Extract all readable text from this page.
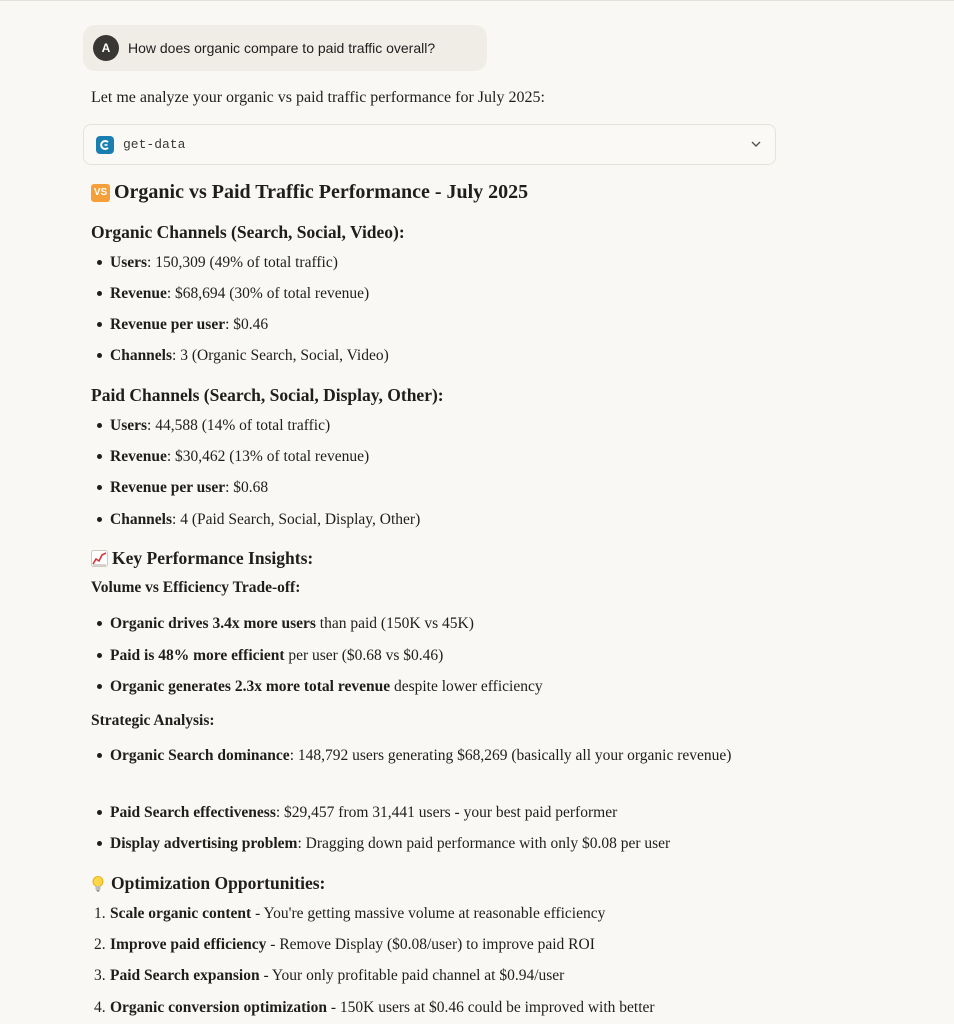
A	How does organic compare to paid traffic overall?
Let me analyze your organic vs paid traffic performance for July 2025:
get-data
VS Organic vs Paid Traffic Performance - July 2025
Organic Channels (Search, Social, Video):
Users: 150,309 (49% of total traffic)
Revenue: $68,694 (30% of total revenue)
Revenue per user: $0.46
Channels: 3 (Organic Search, Social, Video)
Paid Channels (Search, Social, Display, Other):
Users: 44,588 (14% of total traffic)
Revenue: $30,462 (13% of total revenue)
Revenue per user: $0.68
Channels: 4 (Paid Search, Social, Display, Other)
Key Performance Insights:
Volume vs Efficiency Trade-off:
Organic drives 3.4x more users than paid (150K vs 45K)
Paid is 48% more efficient per user ($0.68 vs $0.46)
Organic generates 2.3x more total revenue despite lower efficiency
Strategic Analysis:
Organic Search dominance: 148,792 users generating $68,269 (basically all your organic revenue)
Paid Search effectiveness: $29,457 from 31,441 users - your best paid performer
Display advertising problem: Dragging down paid performance with only $0.08 per user
Optimization Opportunities:
1. Scale organic content - You're getting massive volume at reasonable efficiency
2. Improve paid efficiency - Remove Display ($0.08/user) to improve paid ROI
3. Paid Search expansion - Your only profitable paid channel at $0.94/user
4. Organic conversion optimization - 150K users at $0.46 could be improved with better
